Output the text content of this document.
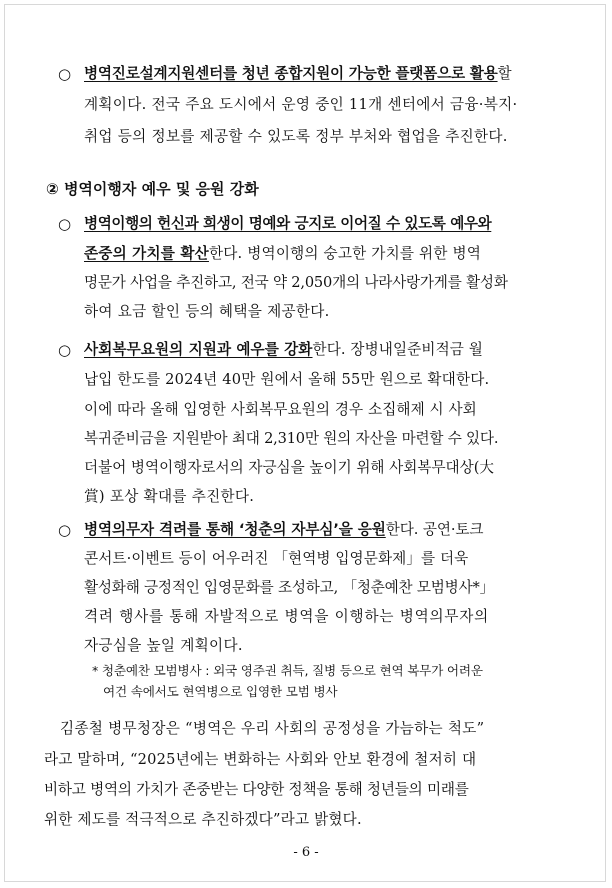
○ 병역진로설계지원센터를 청년 종합지원이 가능한 플랫폼으로 활용할
계획이다. 전국 주요 도시에서 운영 중인 11개 센터에서 금융·복지·
취업 등의 정보를 제공할 수 있도록 정부 부처와 협업을 추진한다.
② 병역이행자 예우 및 응원 강화
○ 병역이행의 헌신과 희생이 명예와 긍지로 이어질 수 있도록 예우와
존중의 가치를 확산한다. 병역이행의 숭고한 가치를 위한 병역
명문가 사업을 추진하고, 전국 약 2,050개의 나라사랑가게를 활성화
하여 요금 할인 등의 혜택을 제공한다.
○ 사회복무요원의 지원과 예우를 강화한다. 장병내일준비적금 월
납입 한도를 2024년 40만 원에서 올해 55만 원으로 확대한다.
이에 따라 올해 입영한 사회복무요원의 경우 소집해제 시 사회
복귀준비금을 지원받아 최대 2,310만 원의 자산을 마련할 수 있다.
더불어 병역이행자로서의 자긍심을 높이기 위해 사회복무대상(大
賞) 포상 확대를 추진한다.
○ 병역의무자 격려를 통해 ‘청춘의 자부심’을 응원한다. 공연·토크
콘서트·이벤트 등이 어우러진 「현역병 입영문화제」를 더욱
활성화해 긍정적인 입영문화를 조성하고, 「청춘예찬 모범병사*」
격려 행사를 통해 자발적으로 병역을 이행하는 병역의무자의
자긍심을 높일 계획이다.
* 청춘예찬 모범병사 : 외국 영주권 취득, 질병 등으로 현역 복무가 어려운
여건 속에서도 현역병으로 입영한 모범 병사
김종철 병무청장은 “병역은 우리 사회의 공정성을 가늠하는 척도”
라고 말하며, “2025년에는 변화하는 사회와 안보 환경에 철저히 대
비하고 병역의 가치가 존중받는 다양한 정책을 통해 청년들의 미래를
위한 제도를 적극적으로 추진하겠다”라고 밝혔다.
- 6 -
